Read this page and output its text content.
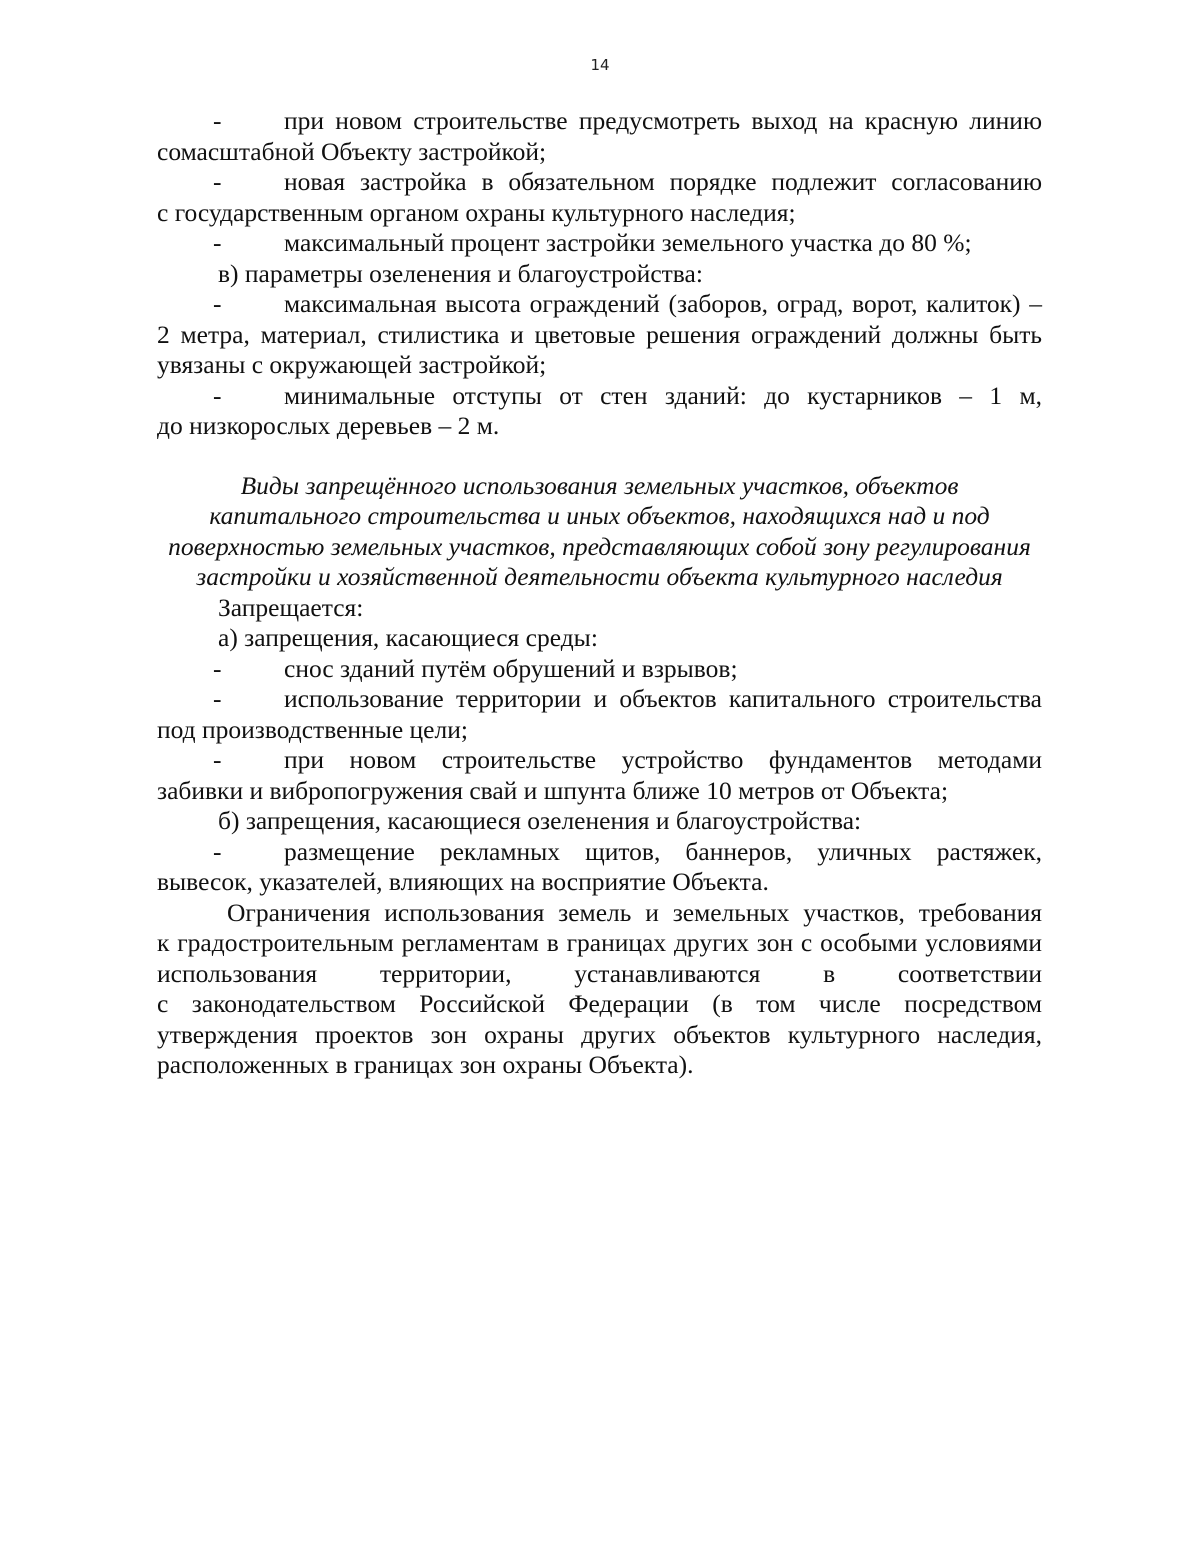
14
-	при новом строительстве предусмотреть выход на красную линию
сомасштабной Объекту застройкой;
-	новая застройка в обязательном порядке подлежит согласованию
с государственным органом охраны культурного наследия;
-	максимальный процент застройки земельного участка до 80 %;
в) параметры озеленения и благоустройства:
-	максимальная высота ограждений (заборов, оград, ворот, калиток) –
2 метра, материал, стилистика и цветовые решения ограждений должны быть
увязаны с окружающей застройкой;
-	минимальные отступы от стен зданий: до кустарников – 1 м,
до низкорослых деревьев – 2 м.
Виды запрещённого использования земельных участков, объектов
капитального строительства и иных объектов, находящихся над и под
поверхностью земельных участков, представляющих собой зону регулирования
застройки и хозяйственной деятельности объекта культурного наследия
Запрещается:
а) запрещения, касающиеся среды:
-	снос зданий путём обрушений и взрывов;
-	использование территории и объектов капитального строительства
под производственные цели;
-	при новом строительстве устройство фундаментов методами
забивки и вибропогружения свай и шпунта ближе 10 метров от Объекта;
б) запрещения, касающиеся озеленения и благоустройства:
-	размещение рекламных щитов, баннеров, уличных растяжек,
вывесок, указателей, влияющих на восприятие Объекта.
Ограничения использования земель и земельных участков, требования
к градостроительным регламентам в границах других зон с особыми условиями
использования территории, устанавливаются в соответствии
с законодательством Российской Федерации (в том числе посредством
утверждения проектов зон охраны других объектов культурного наследия,
расположенных в границах зон охраны Объекта).
